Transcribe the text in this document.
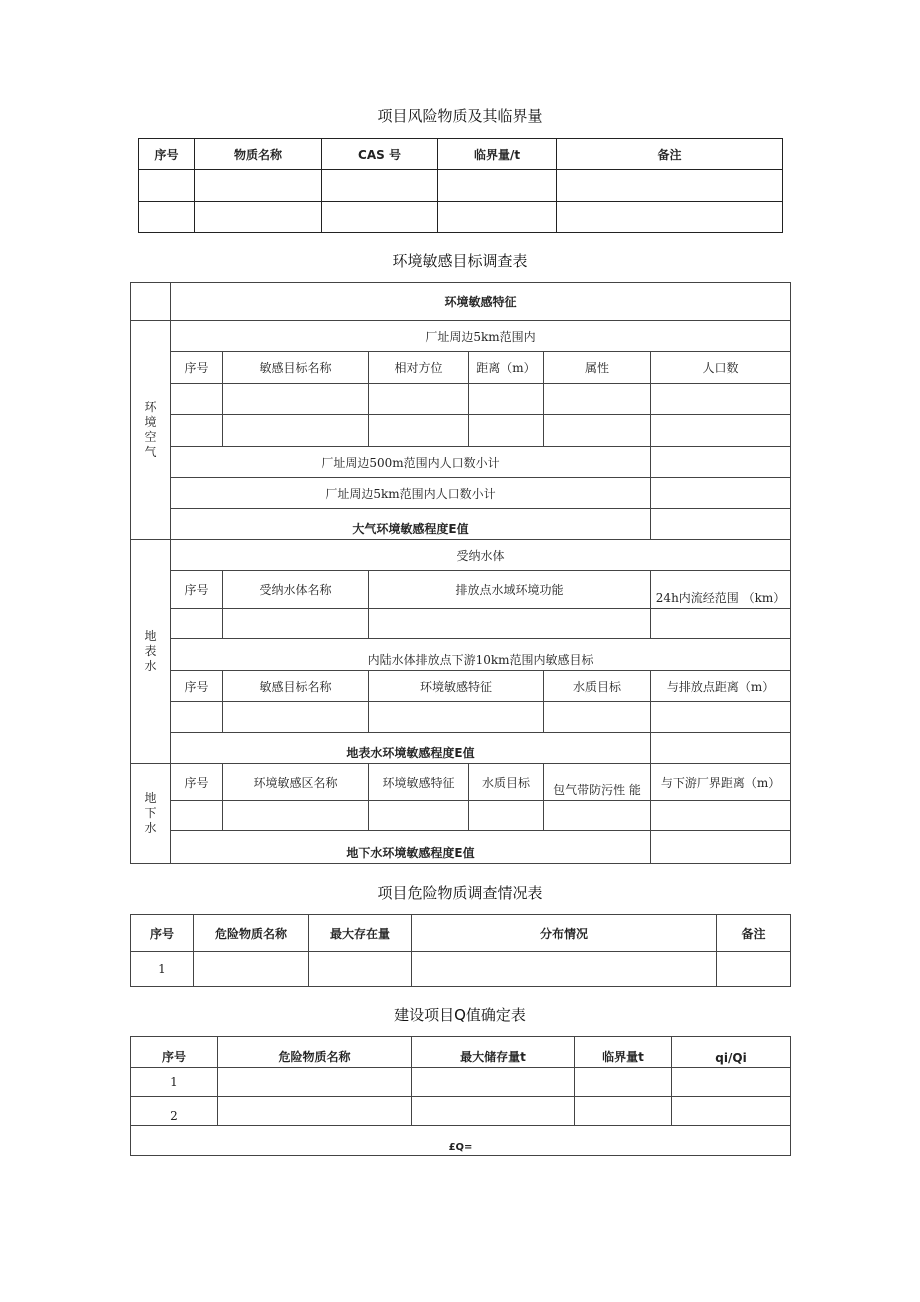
项目风险物质及其临界量
序号	物质名称	CAS 号	临界量/t	备注

环境敏感目标调查表
	环境敏感特征					

环
境
空
气	厂址周边5km范围内					
	序号	敏感目标名称	相对方位	距离（m）	属性	人口数

	厂址周边500m范围内人口数小计					
	厂址周边5km范围内人口数小计					
	大气环境敏感程度E值					

地
表
水	受纳水体					
	序号	受纳水体名称	排放点水域环境功能			24h内流经范围 （km）

	内陆水体排放点下游10km范围内敏感目标					
	序号	敏感目标名称	环境敏感特征		水质目标	与排放点距离（m）

	地表水环境敏感程度E值					

地
下
水	序号	环境敏感区名称	环境敏感特征	水质目标	包气带防污性 能	与下游厂界距离（m）

	地下水环境敏感程度E值					
项目危险物质调查情况表
序号	危险物质名称	最大存在量	分布情况	备注
1				
建设项目Q值确定表
序号	危险物质名称	最大储存量t	临界量t	qi/Qi
1				
2				
£Q=				
